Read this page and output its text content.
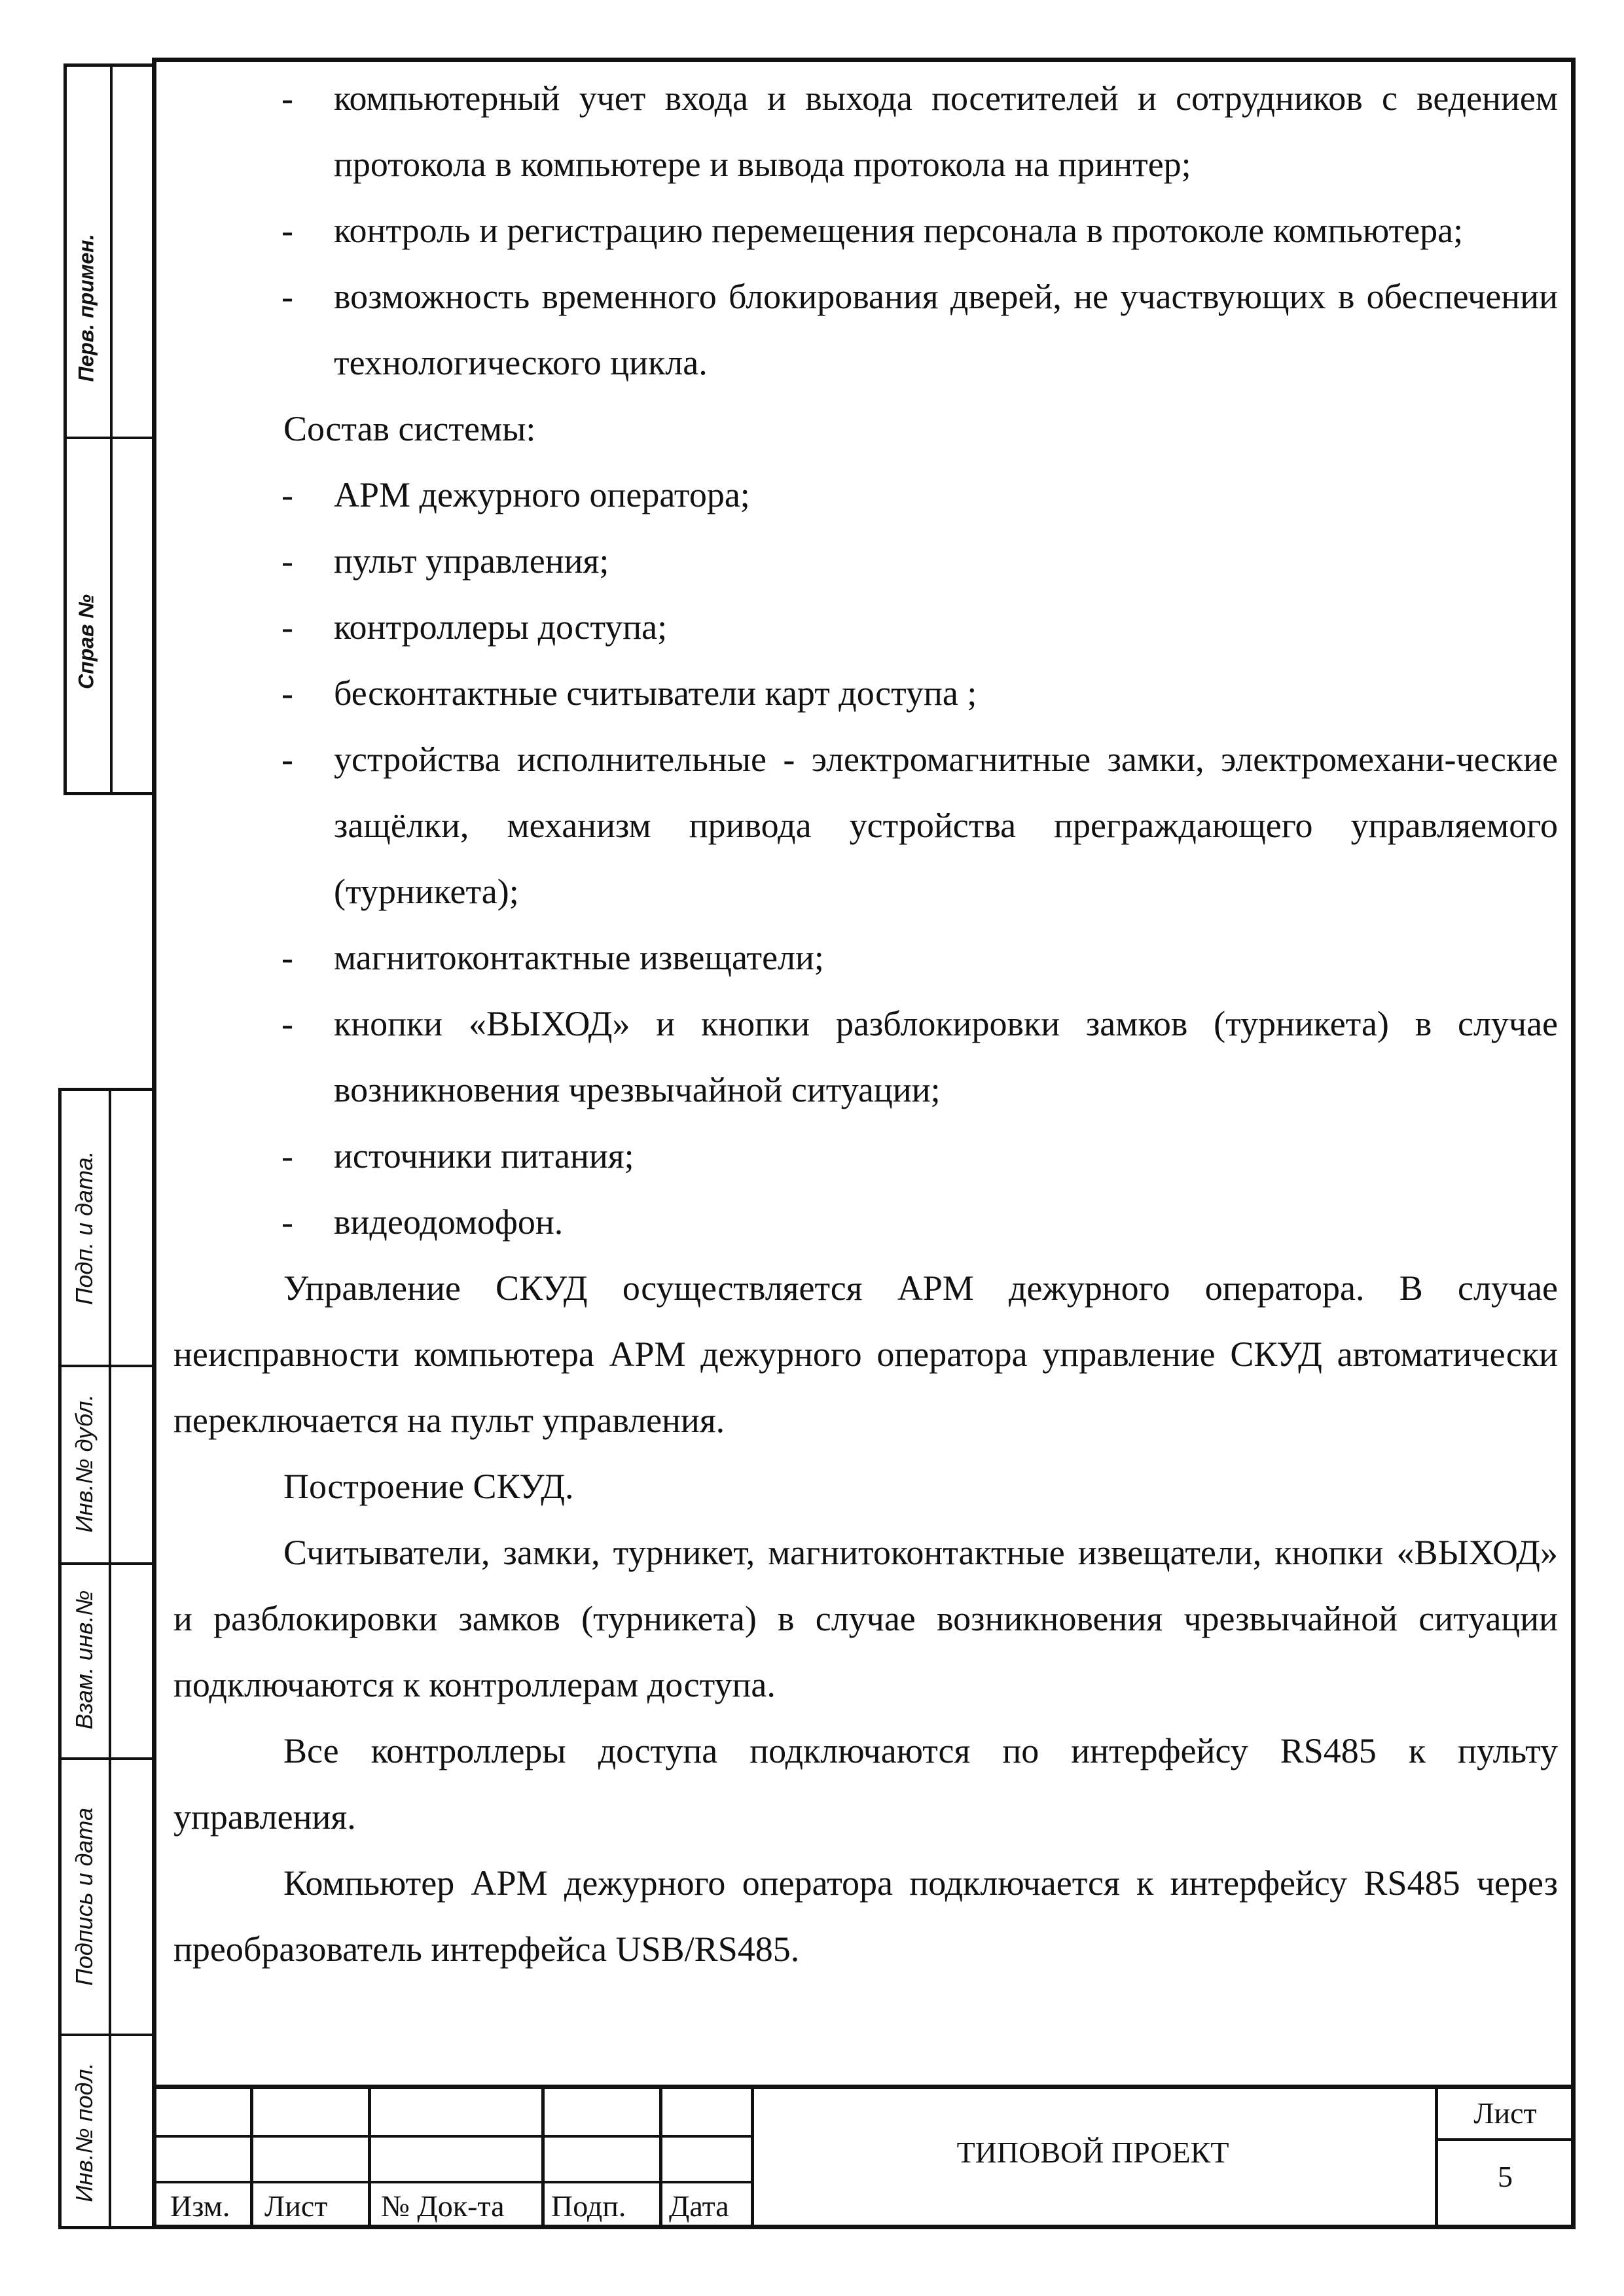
Перв. примен.
Справ №
Подп. и дата.
Инв.№ дубл.
Взам. инв.№
Подпись и дата
Инв.№ подл.

- компьютерный учет входа и выхода посетителей и сотрудников с ведением протокола в компьютере и вывода протокола на принтер;

- контроль и регистрацию перемещения персонала в протоколе компьютера;

- возможность временного блокирования дверей, не участвующих в обеспечении технологического цикла.

Состав системы:

- АРМ дежурного оператора;

- пульт управления;

- контроллеры доступа;

- бесконтактные считыватели карт доступа ;

- устройства исполнительные - электромагнитные замки, электромехани-ческие защёлки, механизм привода устройства преграждающего управляемого (турникета);

- магнитоконтактные извещатели;

- кнопки «ВЫХОД» и кнопки разблокировки замков (турникета) в случае возникновения чрезвычайной ситуации;

- источники питания;

- видеодомофон.

Управление СКУД осуществляется АРМ дежурного оператора. В случае неисправности компьютера АРМ дежурного оператора управление СКУД автоматически переключается на пульт управления.

Построение СКУД.

Считыватели, замки, турникет, магнитоконтактные извещатели, кнопки «ВЫХОД» и разблокировки замков (турникета) в случае возникновения чрезвычайной ситуации подключаются к контроллерам доступа.

Все контроллеры доступа подключаются по интерфейсу RS485 к пульту управления.

Компьютер АРМ дежурного оператора подключается к интерфейсу RS485 через преобразователь интерфейса USB/RS485.

Изм. Лист № Док-та Подп. Дата
ТИПОВОЙ ПРОЕКТ
Лист
5
